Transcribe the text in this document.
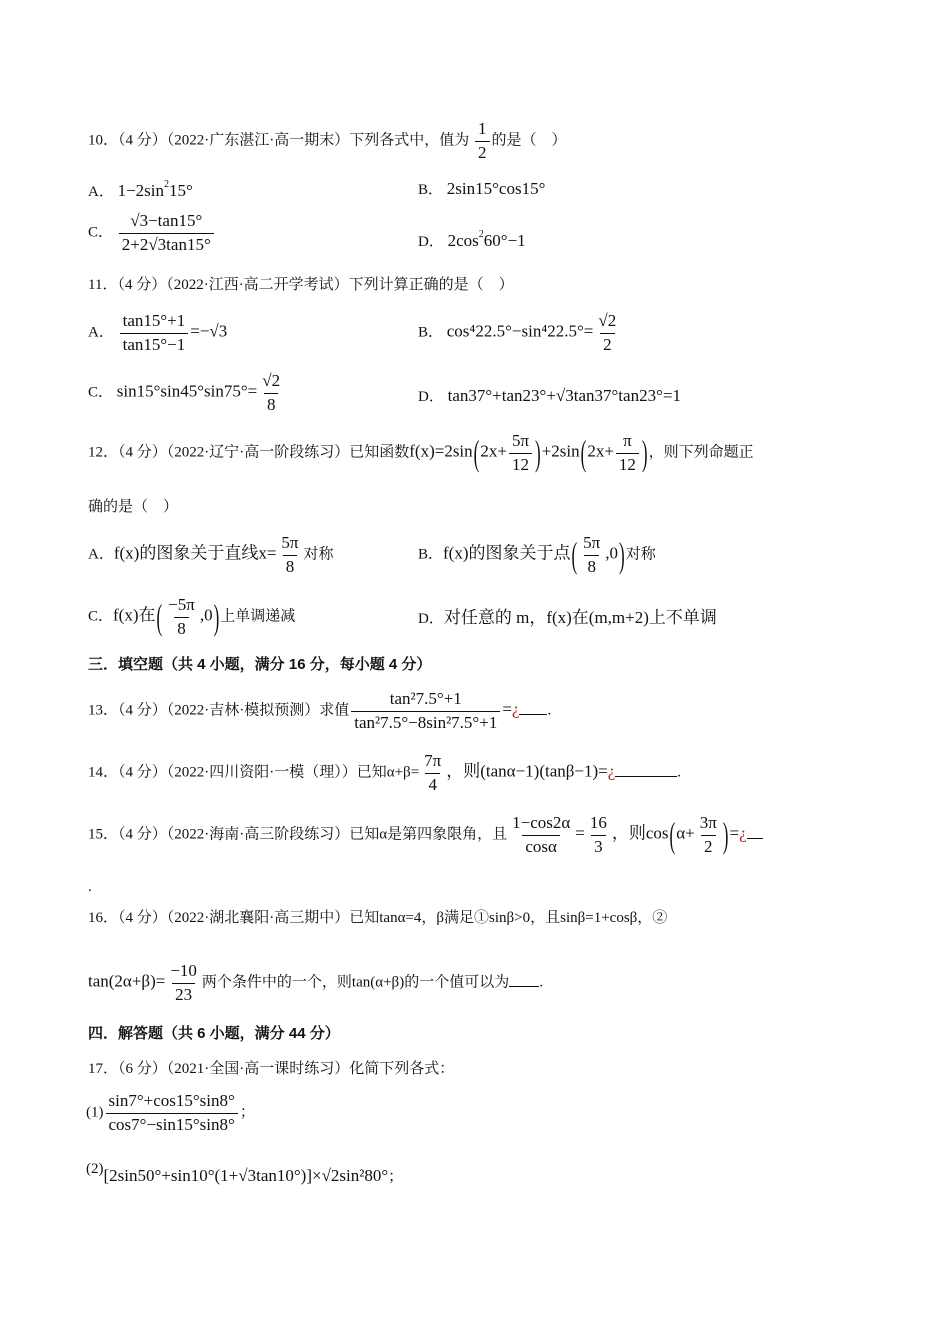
10．（4 分）（2022·广东湛江·高一期末）下列各式中，值为 $\frac{1}{2}$ 的是（　）
A． $1-2\sin^215^\circ$	B． 2sin15°cos15°
C． $\frac{√3-\tan 15^\circ}{2+2√3\tan 15^\circ}$	D． $2\cos^260^\circ-1$
11．（4 分）（2022·江西·高二开学考试）下列计算正确的是（　）
A． $\frac{\tan 15^\circ+1}{\tan 15^\circ-1} =-√3$	B． $\cos^422.5^\circ-\sin^422.5^\circ= \frac{√2}{2}$
C． $\sin 15^\circ\sin 45^\circ\sin 75^\circ= \frac{√2}{8}$	D． tan37°+tan23°+√3tan37°tan23°=1
12．（4 分）（2022·辽宁·高一阶段练习）已知函数$f(x)=2\sin(2x+ \frac{5\pi}{12} )+2\sin(2x+ \frac{\pi}{12}$ )，则下列命题正
确的是（　）
A．f(x)的图象关于直线$x= \frac{5\pi}{8}$ 对称	B．f(x)的图象关于点( $\frac{5\pi}{8} ,0$)对称
C．f(x)在( $\frac{-5\pi}{8} ,0$)上单调递减	D．对任意的 m，f(x)在(m,m+2)上不单调
三．填空题（共 4 小题，满分 16 分，每小题 4 分）
13．（4 分）（2022·吉林·模拟预测）求值 $\frac{\text{tan²7.5°+1}}{\text{tan²7.5°−8sin²7.5°+1}}$ =¿ .
14．（4 分）（2022·四川资阳·一模（理））已知$\alpha+\beta= \frac{7\pi}{4}$ ，则(tanα−1)(tanβ−1)=¿	.
15．（4 分）（2022·海南·高三阶段练习）已知α是第四象限角，且 $\frac{1-\cos 2\alpha}{\cos\alpha} = \frac{16}{3}$ ，则$\cos(\alpha+ \frac{3\pi}{2}$ )=¿
.
16．（4 分）（2022·湖北襄阳·高三期中）已知tanα=4，β满足①sinβ>0，且sinβ=1+cosβ，②
$\tan(2\alpha+\beta)= \frac{-10}{23}$ 两个条件中的一个，则tan(α+β)的一个值可以为 .
四．解答题（共 6 小题，满分 44 分）
17．（6 分）（2021·全国·高一课时练习）化简下列各式：
$(1) \frac{\sin 7^\circ+\cos 15^\circ\sin 8^\circ}{\cos 7^\circ-\sin 15^\circ\sin 8^\circ}$ ；
(2)[2sin50°+sin10°(1+√3tan10°)]×√2sin²80°；
